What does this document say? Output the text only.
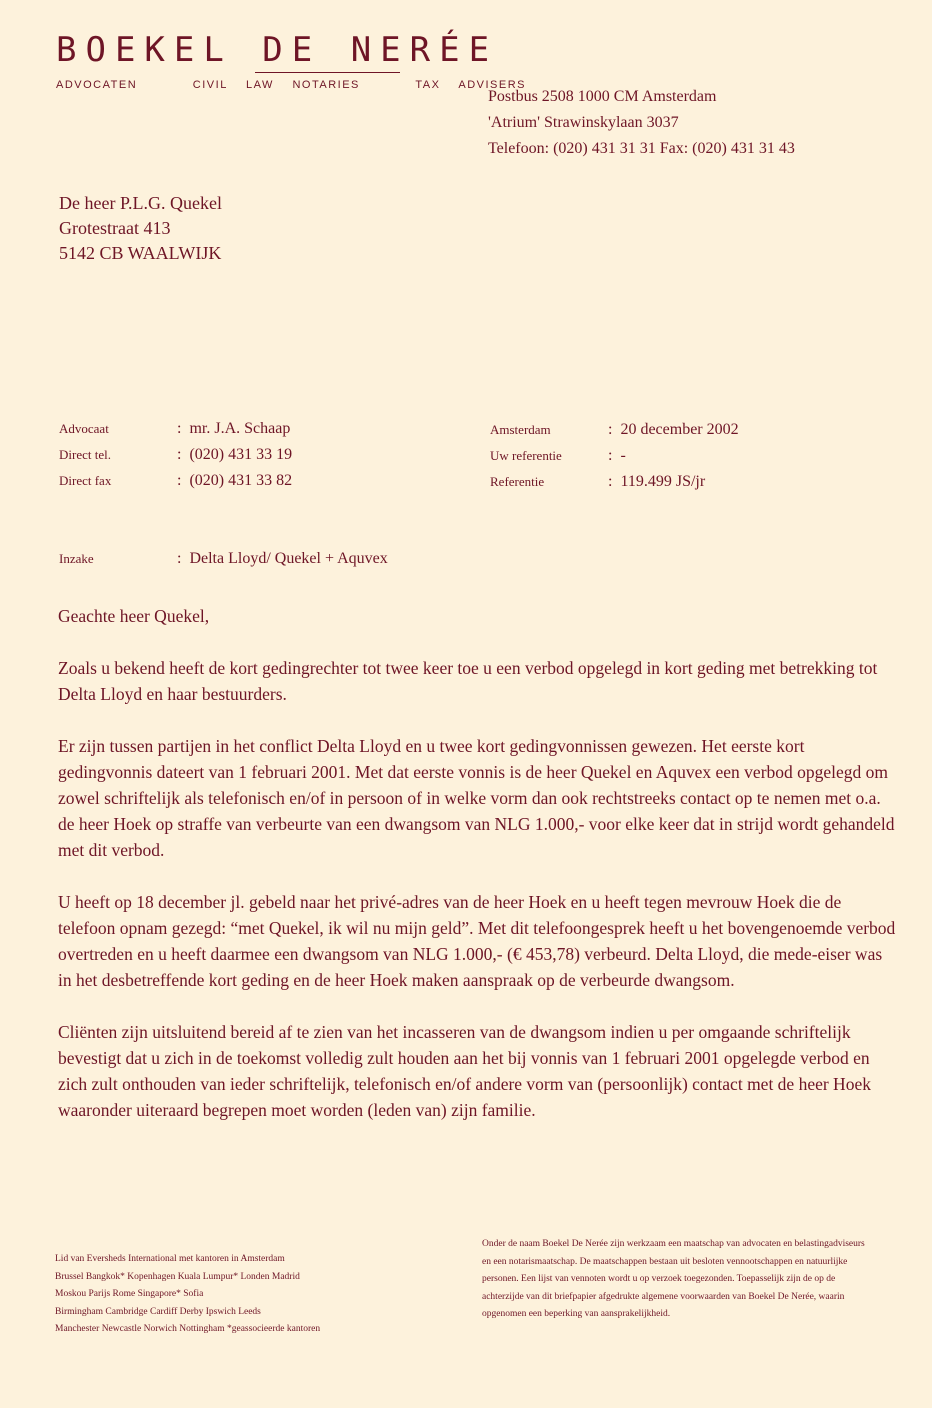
BOEKEL DE NERÉE
ADVOCATEN   CIVIL LAW NOTARIES   TAX ADVISERS
Postbus 2508 1000 CM Amsterdam
'Atrium' Strawinskylaan 3037
Telefoon: (020) 431 31 31 Fax: (020) 431 31 43
De heer P.L.G. Quekel
Grotestraat 413
5142 CB WAALWIJK
Advocaat	:  mr. J.A. Schaap
Direct tel.	:  (020) 431 33 19
Direct fax	:  (020) 431 33 82
Amsterdam	:  20 december 2002
Uw referentie	:  -
Referentie	:  119.499 JS/jr
Inzake	:  Delta Lloyd/ Quekel + Aquvex

Geachte heer Quekel,

Zoals u bekend heeft de kort gedingrechter tot twee keer toe u een verbod opgelegd in kort geding met betrekking tot Delta Lloyd en haar bestuurders.

Er zijn tussen partijen in het conflict Delta Lloyd en u twee kort gedingvonnissen gewezen. Het eerste kort gedingvonnis dateert van 1 februari 2001. Met dat eerste vonnis is de heer Quekel en Aquvex een verbod opgelegd om zowel schriftelijk als telefonisch en/of in persoon of in welke vorm dan ook rechtstreeks contact op te nemen met o.a. de heer Hoek op straffe van verbeurte van een dwangsom van NLG 1.000,- voor elke keer dat in strijd wordt gehandeld met dit verbod.

U heeft op 18 december jl. gebeld naar het privé-adres van de heer Hoek en u heeft tegen mevrouw Hoek die de telefoon opnam gezegd: “met Quekel, ik wil nu mijn geld”. Met dit telefoongesprek heeft u het bovengenoemde verbod overtreden en u heeft daarmee een dwangsom van NLG 1.000,- (€ 453,78) verbeurd. Delta Lloyd, die mede-eiser was in het desbetreffende kort geding en de heer Hoek maken aanspraak op de verbeurde dwangsom.

Cliënten zijn uitsluitend bereid af te zien van het incasseren van de dwangsom indien u per omgaande schriftelijk bevestigt dat u zich in de toekomst volledig zult houden aan het bij vonnis van 1 februari 2001 opgelegde verbod en zich zult onthouden van ieder schriftelijk, telefonisch en/of andere vorm van (persoonlijk) contact met de heer Hoek waaronder uiteraard begrepen moet worden (leden van) zijn familie.

Lid van Eversheds International met kantoren in Amsterdam
Brussel Bangkok* Kopenhagen Kuala Lumpur* Londen Madrid
Moskou Parijs Rome Singapore* Sofia
Birmingham Cambridge Cardiff Derby Ipswich Leeds
Manchester Newcastle Norwich Nottingham *geassocieerde kantoren
Onder de naam Boekel De Nerée zijn werkzaam een maatschap van advocaten en belastingadviseurs en een notarismaatschap. De maatschappen bestaan uit besloten vennootschappen en natuurlijke personen. Een lijst van vennoten wordt u op verzoek toegezonden. Toepasselijk zijn de op de achterzijde van dit briefpapier afgedrukte algemene voorwaarden van Boekel De Nerée, waarin opgenomen een beperking van aansprakelijkheid.
